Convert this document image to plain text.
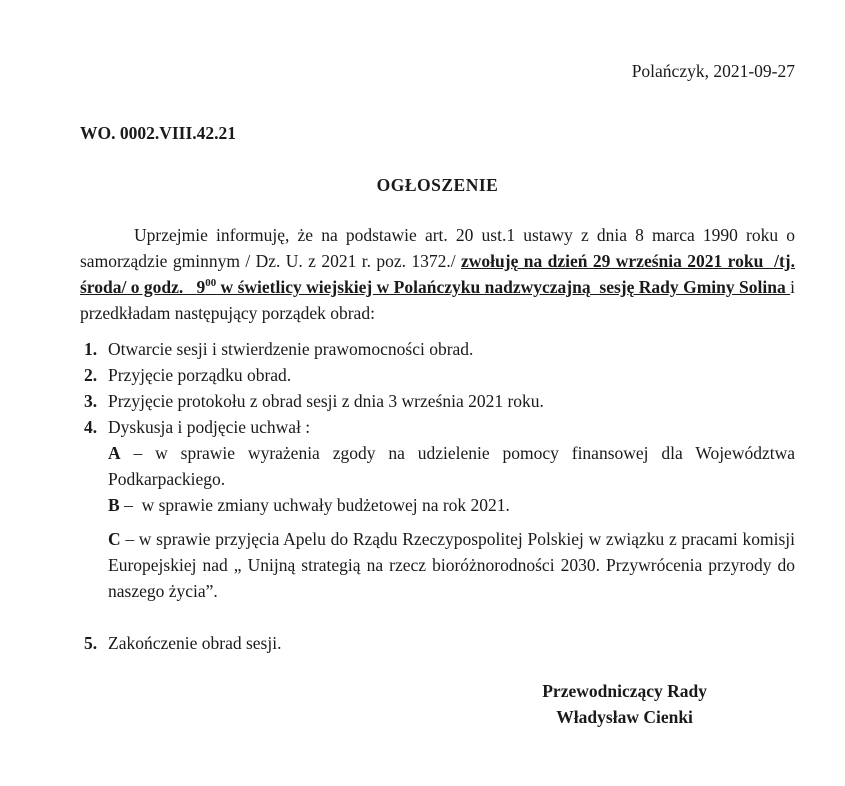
Polańczyk, 2021-09-27
WO. 0002.VIII.42.21
OGŁOSZENIE

Uprzejmie informuję, że na podstawie art. 20 ust.1 ustawy z dnia 8 marca 1990 roku o samorządzie gminnym / Dz. U. z 2021 r. poz. 1372./ zwołuję na dzień 29 września 2021 roku  /tj. środa/ o godz.   $9^{00}$ w świetlicy wiejskiej w Polańczyku nadzwyczajną  sesję Rady Gminy Solina i przedkładam następujący porządek obrad:

1. Otwarcie sesji i stwierdzenie prawomocności obrad.
2. Przyjęcie porządku obrad.
3. Przyjęcie protokołu z obrad sesji z dnia 3 września 2021 roku.
4. Dyskusja i podjęcie uchwał :

A – w sprawie wyrażenia zgody na udzielenie pomocy finansowej dla Województwa Podkarpackiego.

B –  w sprawie zmiany uchwały budżetowej na rok 2021.

C – w sprawie przyjęcia Apelu do Rządu Rzeczypospolitej Polskiej w związku z pracami komisji Europejskiej nad „ Unijną strategią na rzecz bioróżnorodności 2030. Przywrócenia przyrody do naszego życia”.

5. Zakończenie obrad sesji.
Przewodniczący Rady
Władysław Cienki
